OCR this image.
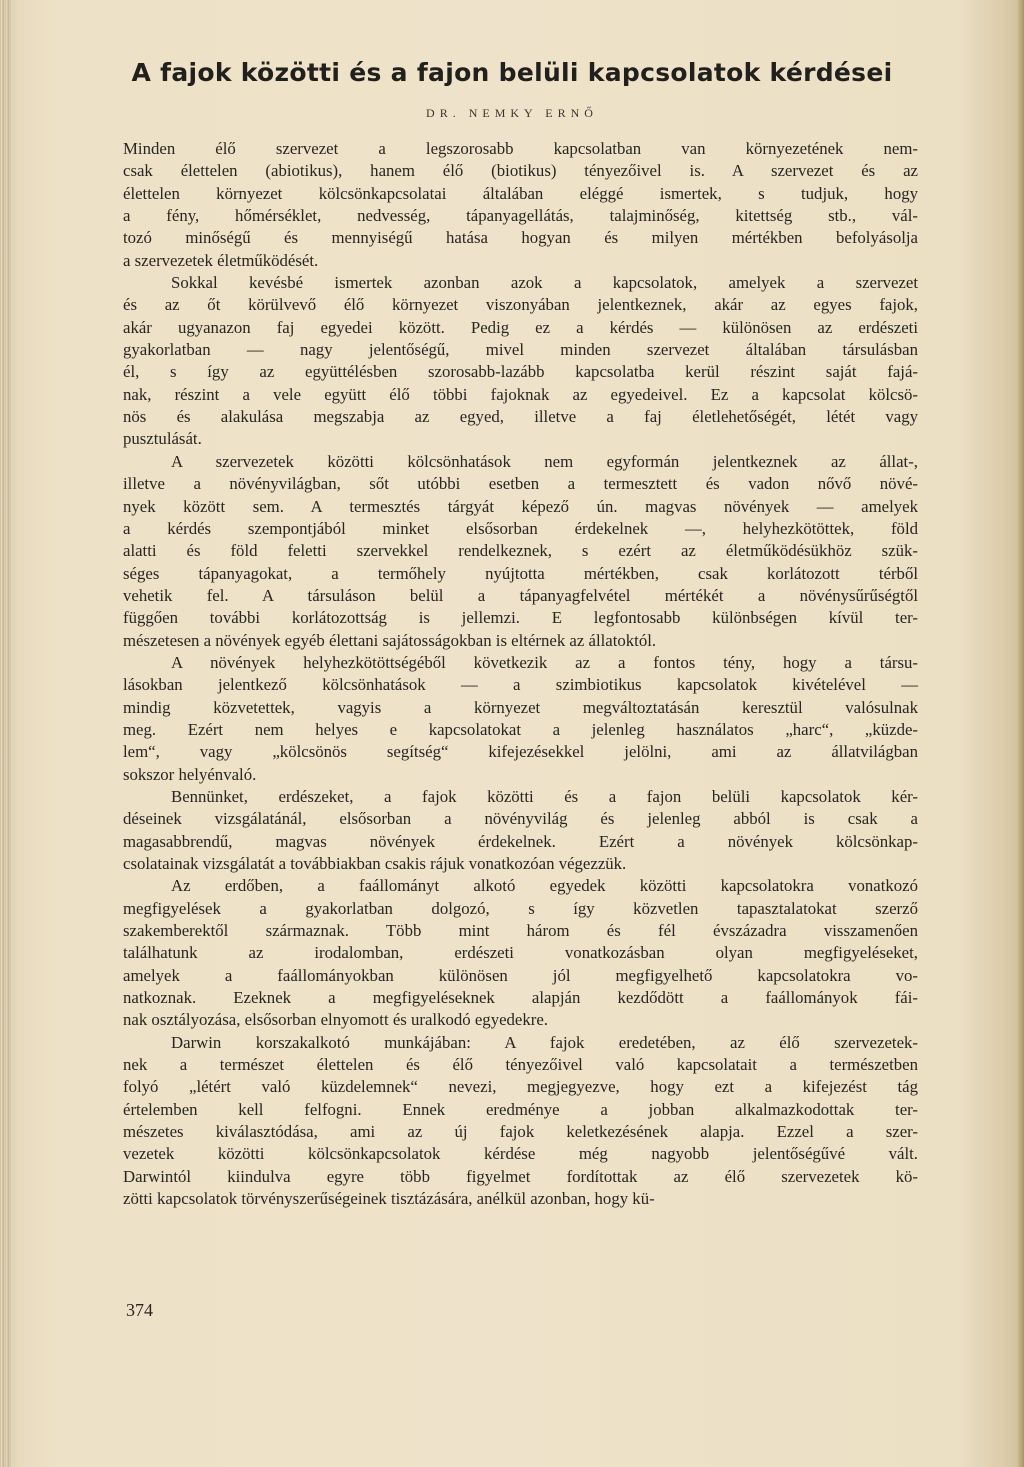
A fajok közötti és a fajon belüli kapcsolatok kérdései
DR. NEMKY ERNŐ
Minden élő szervezet a legszorosabb kapcsolatban van környezetének nem-
csak élettelen (abiotikus), hanem élő (biotikus) tényezőivel is. A szervezet és az
élettelen környezet kölcsönkapcsolatai általában eléggé ismertek, s tudjuk, hogy
a fény, hőmérséklet, nedvesség, tápanyagellátás, talajminőség, kitettség stb., vál-
tozó minőségű és mennyiségű hatása hogyan és milyen mértékben befolyásolja
a szervezetek életműködését.
Sokkal kevésbé ismertek azonban azok a kapcsolatok, amelyek a szervezet
és az őt körülvevő élő környezet viszonyában jelentkeznek, akár az egyes fajok,
akár ugyanazon faj egyedei között. Pedig ez a kérdés — különösen az erdészeti
gyakorlatban — nagy jelentőségű, mivel minden szervezet általában társulásban
él, s így az együttélésben szorosabb-lazább kapcsolatba kerül részint saját fajá-
nak, részint a vele együtt élő többi fajoknak az egyedeivel. Ez a kapcsolat kölcsö-
nös és alakulása megszabja az egyed, illetve a faj életlehetőségét, létét vagy
pusztulását.
A szervezetek közötti kölcsönhatások nem egyformán jelentkeznek az állat-,
illetve a növényvilágban, sőt utóbbi esetben a termesztett és vadon nővő növé-
nyek között sem. A termesztés tárgyát képező ún. magvas növények — amelyek
a kérdés szempontjából minket elsősorban érdekelnek —, helyhezkötöttek, föld
alatti és föld feletti szervekkel rendelkeznek, s ezért az életműködésükhöz szük-
séges tápanyagokat, a termőhely nyújtotta mértékben, csak korlátozott térből
vehetik fel. A társuláson belül a tápanyagfelvétel mértékét a növénysűrűségtől
függően további korlátozottság is jellemzi. E legfontosabb különbségen kívül ter-
mészetesen a növények egyéb élettani sajátosságokban is eltérnek az állatoktól.
A növények helyhezkötöttségéből következik az a fontos tény, hogy a társu-
lásokban jelentkező kölcsönhatások — a szimbiotikus kapcsolatok kivételével —
mindig közvetettek, vagyis a környezet megváltoztatásán keresztül valósulnak
meg. Ezért nem helyes e kapcsolatokat a jelenleg használatos „harc“, „küzde-
lem“, vagy „kölcsönös segítség“ kifejezésekkel jelölni, ami az állatvilágban
sokszor helyénvaló.
Bennünket, erdészeket, a fajok közötti és a fajon belüli kapcsolatok kér-
déseinek vizsgálatánál, elsősorban a növényvilág és jelenleg abból is csak a
magasabbrendű, magvas növények érdekelnek. Ezért a növények kölcsönkap-
csolatainak vizsgálatát a továbbiakban csakis rájuk vonatkozóan végezzük.
Az erdőben, a faállományt alkotó egyedek közötti kapcsolatokra vonatkozó
megfigyelések a gyakorlatban dolgozó, s így közvetlen tapasztalatokat szerző
szakemberektől származnak. Több mint három és fél évszázadra visszamenően
találhatunk az irodalomban, erdészeti vonatkozásban olyan megfigyeléseket,
amelyek a faállományokban különösen jól megfigyelhető kapcsolatokra vo-
natkoznak. Ezeknek a megfigyeléseknek alapján kezdődött a faállományok fái-
nak osztályozása, elsősorban elnyomott és uralkodó egyedekre.
Darwin korszakalkotó munkájában: A fajok eredetében, az élő szervezetek-
nek a természet élettelen és élő tényezőivel való kapcsolatait a természetben
folyó „létért való küzdelemnek“ nevezi, megjegyezve, hogy ezt a kifejezést tág
értelemben kell felfogni. Ennek eredménye a jobban alkalmazkodottak ter-
mészetes kiválasztódása, ami az új fajok keletkezésének alapja. Ezzel a szer-
vezetek közötti kölcsönkapcsolatok kérdése még nagyobb jelentőségűvé vált.
Darwintól kiindulva egyre több figyelmet fordítottak az élő szervezetek kö-
zötti kapcsolatok törvényszerűségeinek tisztázására, anélkül azonban, hogy kü-
374
